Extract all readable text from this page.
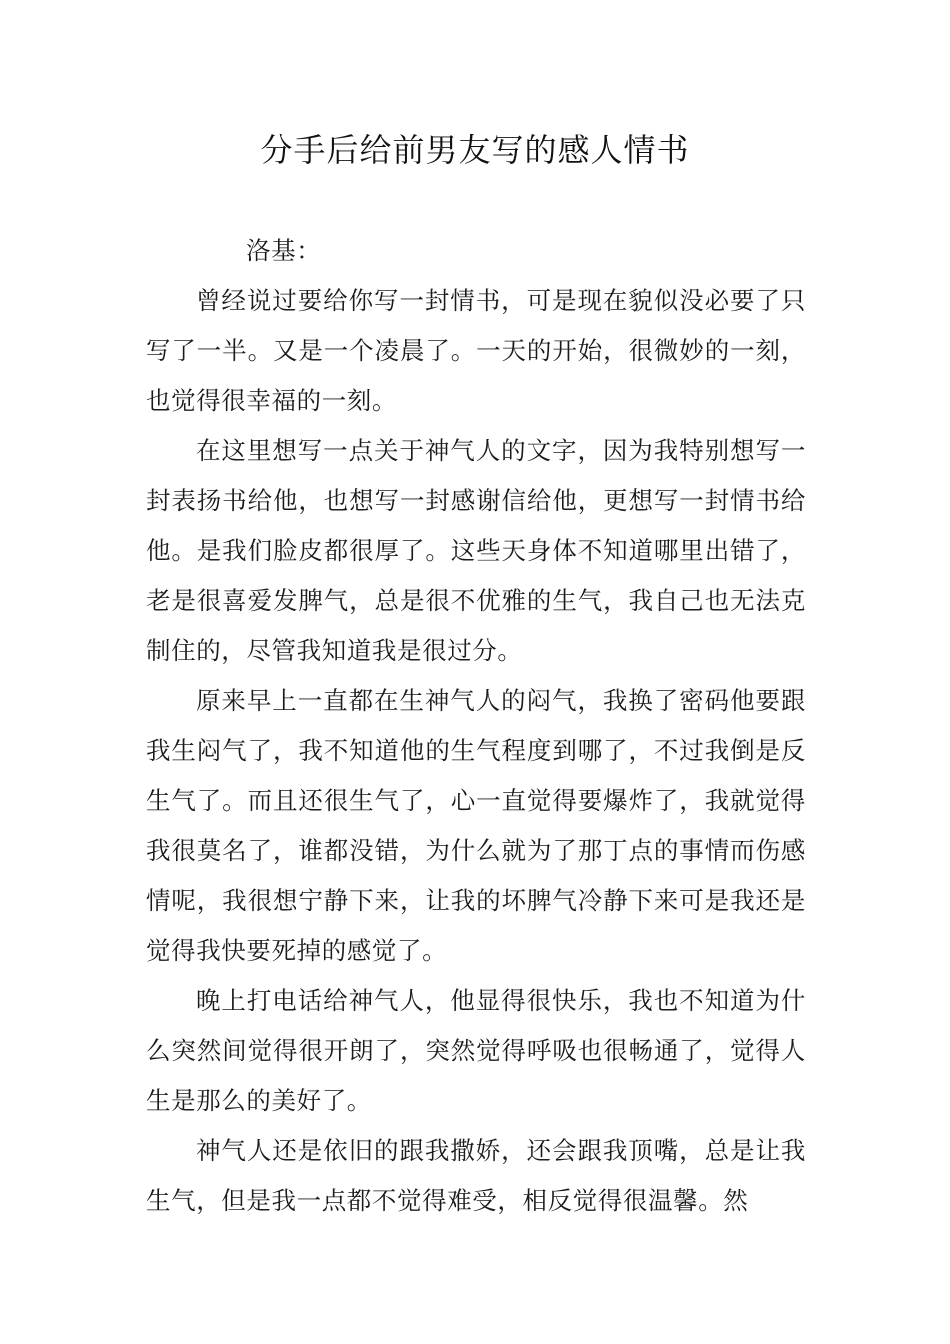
分手后给前男友写的感人情书

洛基：

曾经说过要给你写一封情书，可是现在貌似没必要了只写了一半。又是一个凌晨了。一天的开始，很微妙的一刻，也觉得很幸福的一刻。

在这里想写一点关于神气人的文字，因为我特别想写一封表扬书给他，也想写一封感谢信给他，更想写一封情书给他。是我们脸皮都很厚了。这些天身体不知道哪里出错了，老是很喜爱发脾气，总是很不优雅的生气，我自己也无法克制住的，尽管我知道我是很过分。

原来早上一直都在生神气人的闷气，我换了密码他要跟我生闷气了，我不知道他的生气程度到哪了，不过我倒是反生气了。而且还很生气了，心一直觉得要爆炸了，我就觉得我很莫名了，谁都没错，为什么就为了那丁点的事情而伤感情呢，我很想宁静下来，让我的坏脾气冷静下来可是我还是觉得我快要死掉的感觉了。

晚上打电话给神气人，他显得很快乐，我也不知道为什么突然间觉得很开朗了，突然觉得呼吸也很畅通了，觉得人生是那么的美好了。

神气人还是依旧的跟我撒娇，还会跟我顶嘴，总是让我生气，但是我一点都不觉得难受，相反觉得很温馨。然
